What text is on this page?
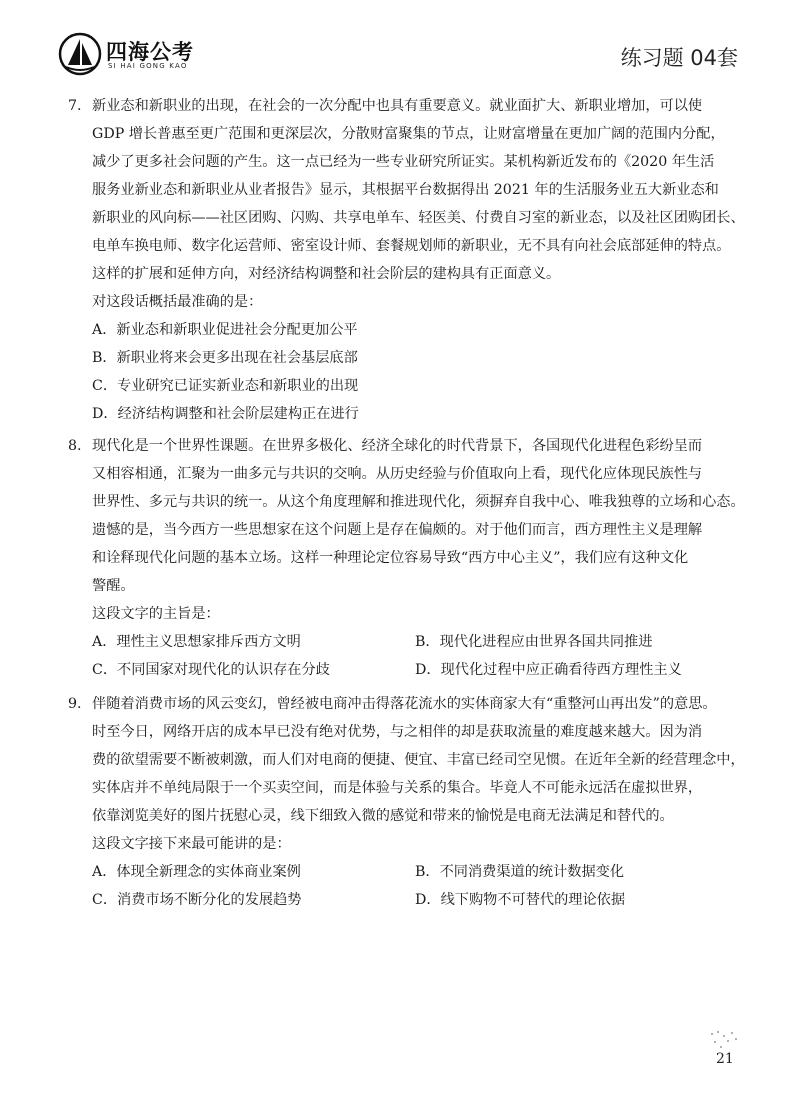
四海公考
SI HAI GONG KAO	练习题 04套
7. 新业态和新职业的出现，在社会的一次分配中也具有重要意义。就业面扩大、新职业增加，可以使
GDP 增长普惠至更广范围和更深层次，分散财富聚集的节点，让财富增量在更加广阔的范围内分配，
减少了更多社会问题的产生。这一点已经为一些专业研究所证实。某机构新近发布的《2020 年生活
服务业新业态和新职业从业者报告》显示，其根据平台数据得出 2021 年的生活服务业五大新业态和
新职业的风向标——社区团购、闪购、共享电单车、轻医美、付费自习室的新业态，以及社区团购团长、
电单车换电师、数字化运营师、密室设计师、套餐规划师的新职业，无不具有向社会底部延伸的特点。
这样的扩展和延伸方向，对经济结构调整和社会阶层的建构具有正面意义。
对这段话概括最准确的是：
A．新业态和新职业促进社会分配更加公平
B．新职业将来会更多出现在社会基层底部
C．专业研究已证实新业态和新职业的出现
D．经济结构调整和社会阶层建构正在进行
8. 现代化是一个世界性课题。在世界多极化、经济全球化的时代背景下，各国现代化进程色彩纷呈而
又相容相通，汇聚为一曲多元与共识的交响。从历史经验与价值取向上看，现代化应体现民族性与
世界性、多元与共识的统一。从这个角度理解和推进现代化，须摒弃自我中心、唯我独尊的立场和心态。
遗憾的是，当今西方一些思想家在这个问题上是存在偏颇的。对于他们而言，西方理性主义是理解
和诠释现代化问题的基本立场。这样一种理论定位容易导致“西方中心主义”，我们应有这种文化
警醒。
这段文字的主旨是：
A．理性主义思想家排斥西方文明	B．现代化进程应由世界各国共同推进
C．不同国家对现代化的认识存在分歧	D．现代化过程中应正确看待西方理性主义
9. 伴随着消费市场的风云变幻，曾经被电商冲击得落花流水的实体商家大有“重整河山再出发”的意思。
时至今日，网络开店的成本早已没有绝对优势，与之相伴的却是获取流量的难度越来越大。因为消
费的欲望需要不断被刺激，而人们对电商的便捷、便宜、丰富已经司空见惯。在近年全新的经营理念中，
实体店并不单纯局限于一个买卖空间，而是体验与关系的集合。毕竟人不可能永远活在虚拟世界，
依靠浏览美好的图片抚慰心灵，线下细致入微的感觉和带来的愉悦是电商无法满足和替代的。
这段文字接下来最可能讲的是：
A．体现全新理念的实体商业案例	B．不同消费渠道的统计数据变化
C．消费市场不断分化的发展趋势	D．线下购物不可替代的理论依据
21
